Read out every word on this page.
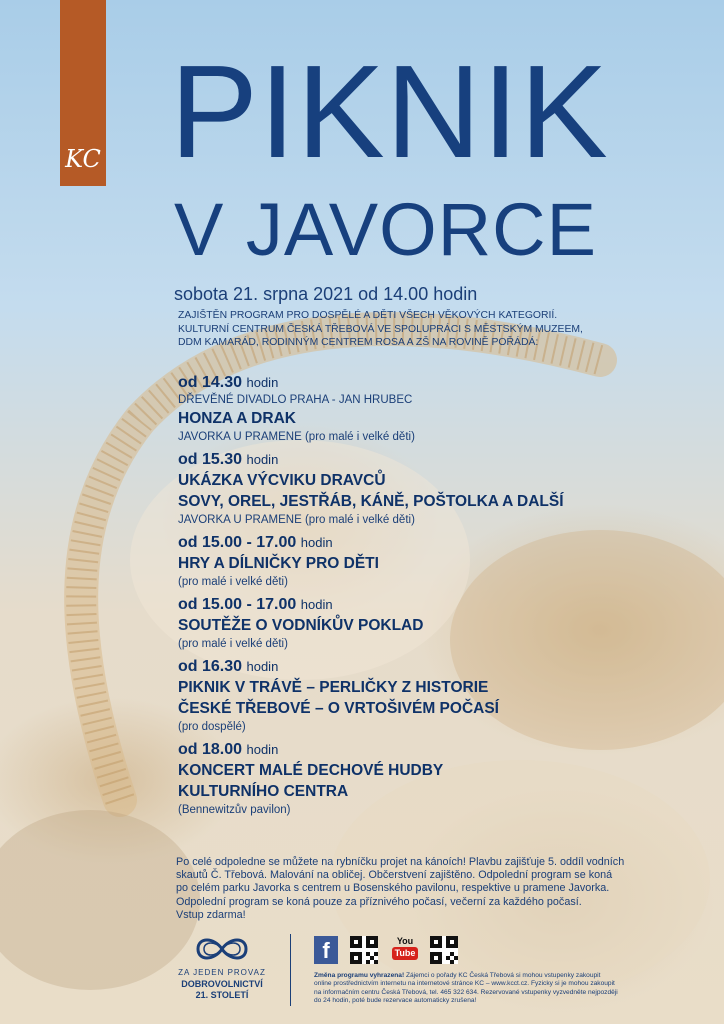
KC PIKNIK
V JAVORCE
sobota 21. srpna 2021 od 14.00 hodin
ZAJIŠTĚN PROGRAM PRO DOSPĚLÉ A DĚTI VŠECH VĚKOVÝCH KATEGORIÍ.
KULTURNÍ CENTRUM ČESKÁ TŘEBOVÁ VE SPOLUPRÁCI S MĚSTSKÝM MUZEEM,
DDM KAMARÁD, RODINNÝM CENTREM ROSA A ZŠ NA ROVINĚ POŘÁDÁ:
od 14.30 hodin
DŘEVĚNÉ DIVADLO PRAHA - JAN HRUBEC
HONZA A DRAK
JAVORKA U PRAMENE (pro malé i velké děti)
od 15.30 hodin
UKÁZKA VÝCVIKU DRAVCŮ
SOVY, OREL, JESTŘÁB, KÁNĚ, POŠTOLKA A DALŠÍ
JAVORKA U PRAMENE (pro malé i velké děti)
od 15.00 - 17.00 hodin
HRY A DÍLNIČKY PRO DĚTI
(pro malé i velké děti)
od 15.00 - 17.00 hodin
SOUTĚŽE O VODNÍKŮV POKLAD
(pro malé i velké děti)
od 16.30 hodin
PIKNIK V TRÁVĚ – PERLIČKY Z HISTORIE
ČESKÉ TŘEBOVÉ – O VRTOŠIVÉM POČASÍ
(pro dospělé)
od 18.00 hodin
KONCERT MALÉ DECHOVÉ HUDBY
KULTURNÍHO CENTRA
(Bennewitzův pavilon)
Po celé odpoledne se můžete na rybníčku projet na kánoích! Plavbu zajišťuje 5. oddíl vodních
skautů Č. Třebová. Malování na obličej. Občerstvení zajištěno. Odpolední program se koná
po celém parku Javorka s centrem u Bosenského pavilonu, respektive u pramene Javorka.
Odpolední program se koná pouze za příznivého počasí, večerní za každého počasí.
Vstup zdarma!
ZA JEDEN PROVAZ
DOBROVOLNICTVÍ
21. STOLETÍ
f	You
Tube
Změna programu vyhrazena! Zájemci o pořady KC Česká Třebová si mohou vstupenky zakoupit
online prostřednictvím internetu na internetové stránce KC – www.kcct.cz. Fyzicky si je mohou zakoupit
na informačním centru Česká Třebová, tel. 465 322 634. Rezervované vstupenky vyzvedněte nejpozději
do 24 hodin, poté bude rezervace automaticky zrušena!
